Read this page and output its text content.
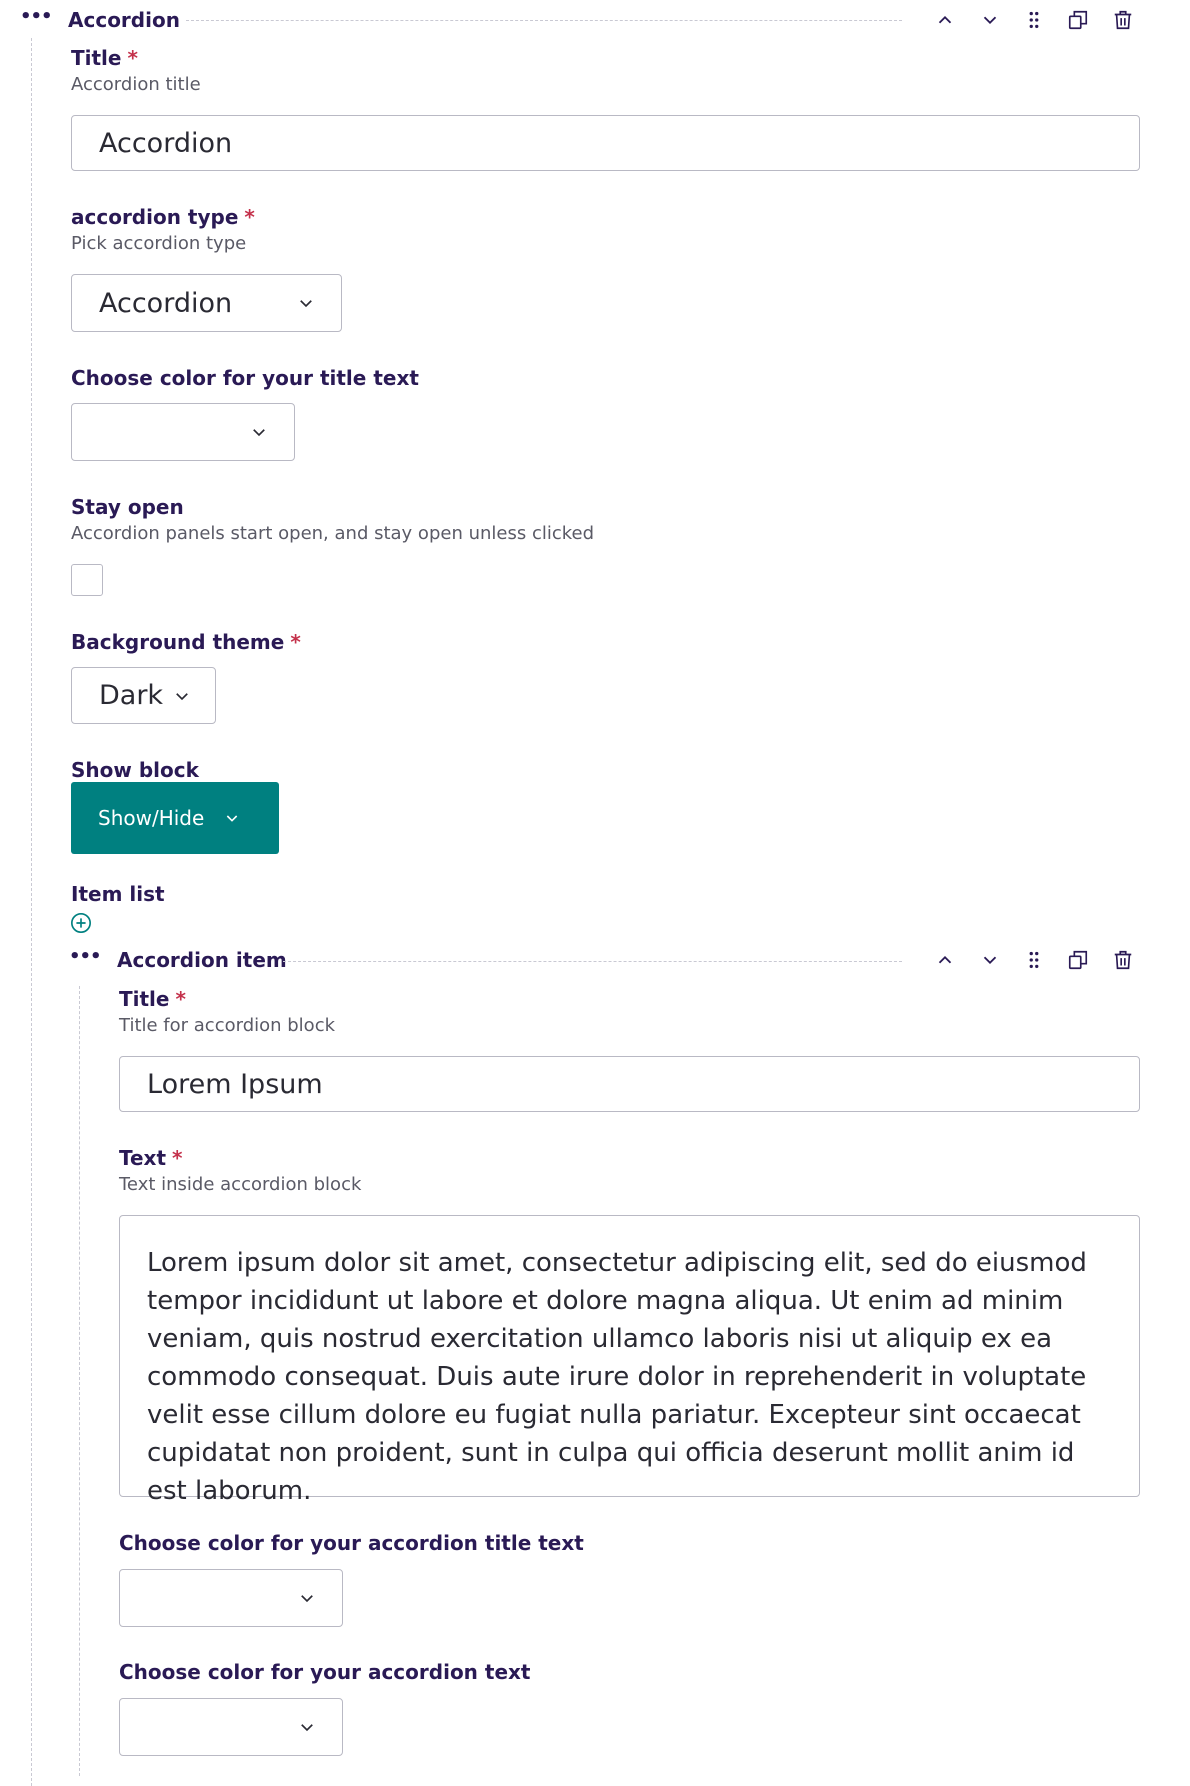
••• Accordion
Title *
Accordion title
Accordion
accordion type *
Pick accordion type
Accordion
Choose color for your title text
Stay open
Accordion panels start open, and stay open unless clicked
Background theme *
Dark
Show block
Show/Hide
Item list
••• Accordion item
Title *
Title for accordion block
Lorem Ipsum
Text *
Text inside accordion block
Lorem ipsum dolor sit amet, consectetur adipiscing elit, sed do eiusmod tempor incididunt ut labore et dolore magna aliqua. Ut enim ad minim veniam, quis nostrud exercitation ullamco laboris nisi ut aliquip ex ea commodo consequat. Duis aute irure dolor in reprehenderit in voluptate velit esse cillum dolore eu fugiat nulla pariatur. Excepteur sint occaecat cupidatat non proident, sunt in culpa qui officia deserunt mollit anim id est laborum.
Choose color for your accordion title text
Choose color for your accordion text
